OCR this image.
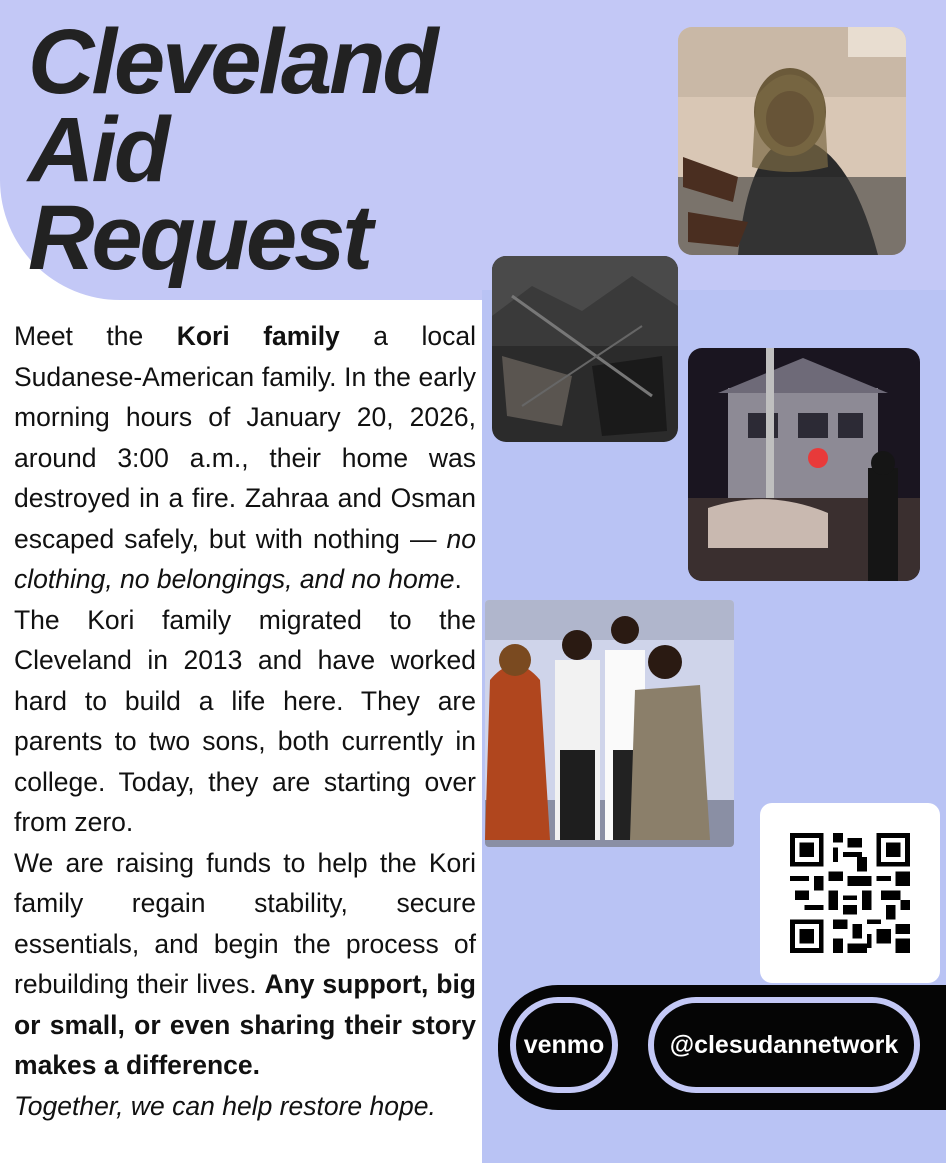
Cleveland
Aid
Request

Meet the Kori family a local Sudanese-American family. In the early morning hours of January 20, 2026, around 3:00 a.m., their home was destroyed in a fire. Zahraa and Osman escaped safely, but with nothing — no clothing, no belongings, and no home.

The Kori family migrated to the Cleveland in 2013 and have worked hard to build a life here. They are parents to two sons, both currently in college. Today, they are starting over from zero.

We are raising funds to help the Kori family regain stability, secure essentials, and begin the process of rebuilding their lives. Any support, big or small, or even sharing their story makes a difference.

Together, we can help restore hope.

venmo	@clesudannetwork
